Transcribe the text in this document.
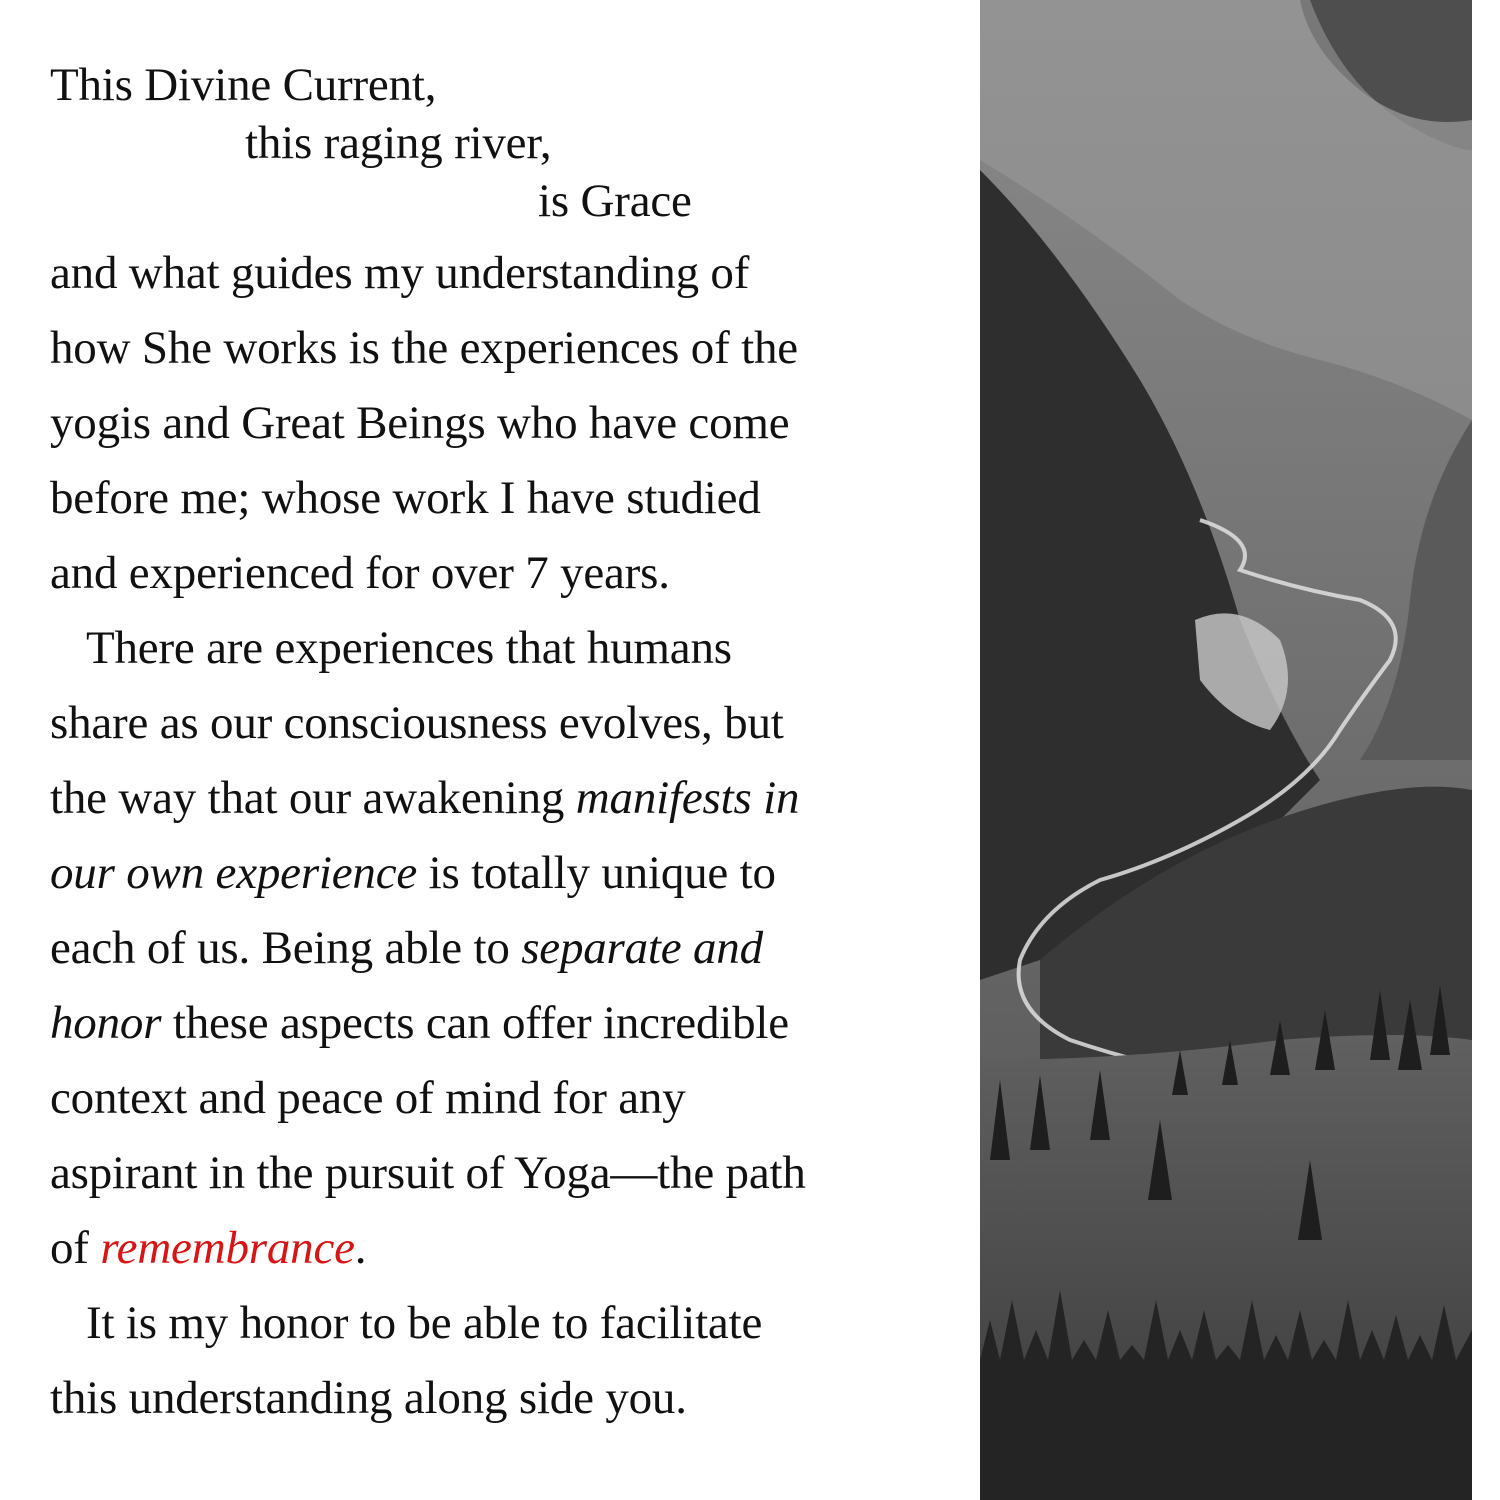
This Divine Current,
this raging river,
is Grace
and what guides my understanding of
how She works is the experiences of the
yogis and Great Beings who have come
before me; whose work I have studied
and experienced for over 7 years.
There are experiences that humans
share as our consciousness evolves, but
the way that our awakening manifests in
our own experience is totally unique to
each of us. Being able to separate and
honor these aspects can offer incredible
context and peace of mind for any
aspirant in the pursuit of Yoga—the path
of remembrance.
It is my honor to be able to facilitate
this understanding along side you.
